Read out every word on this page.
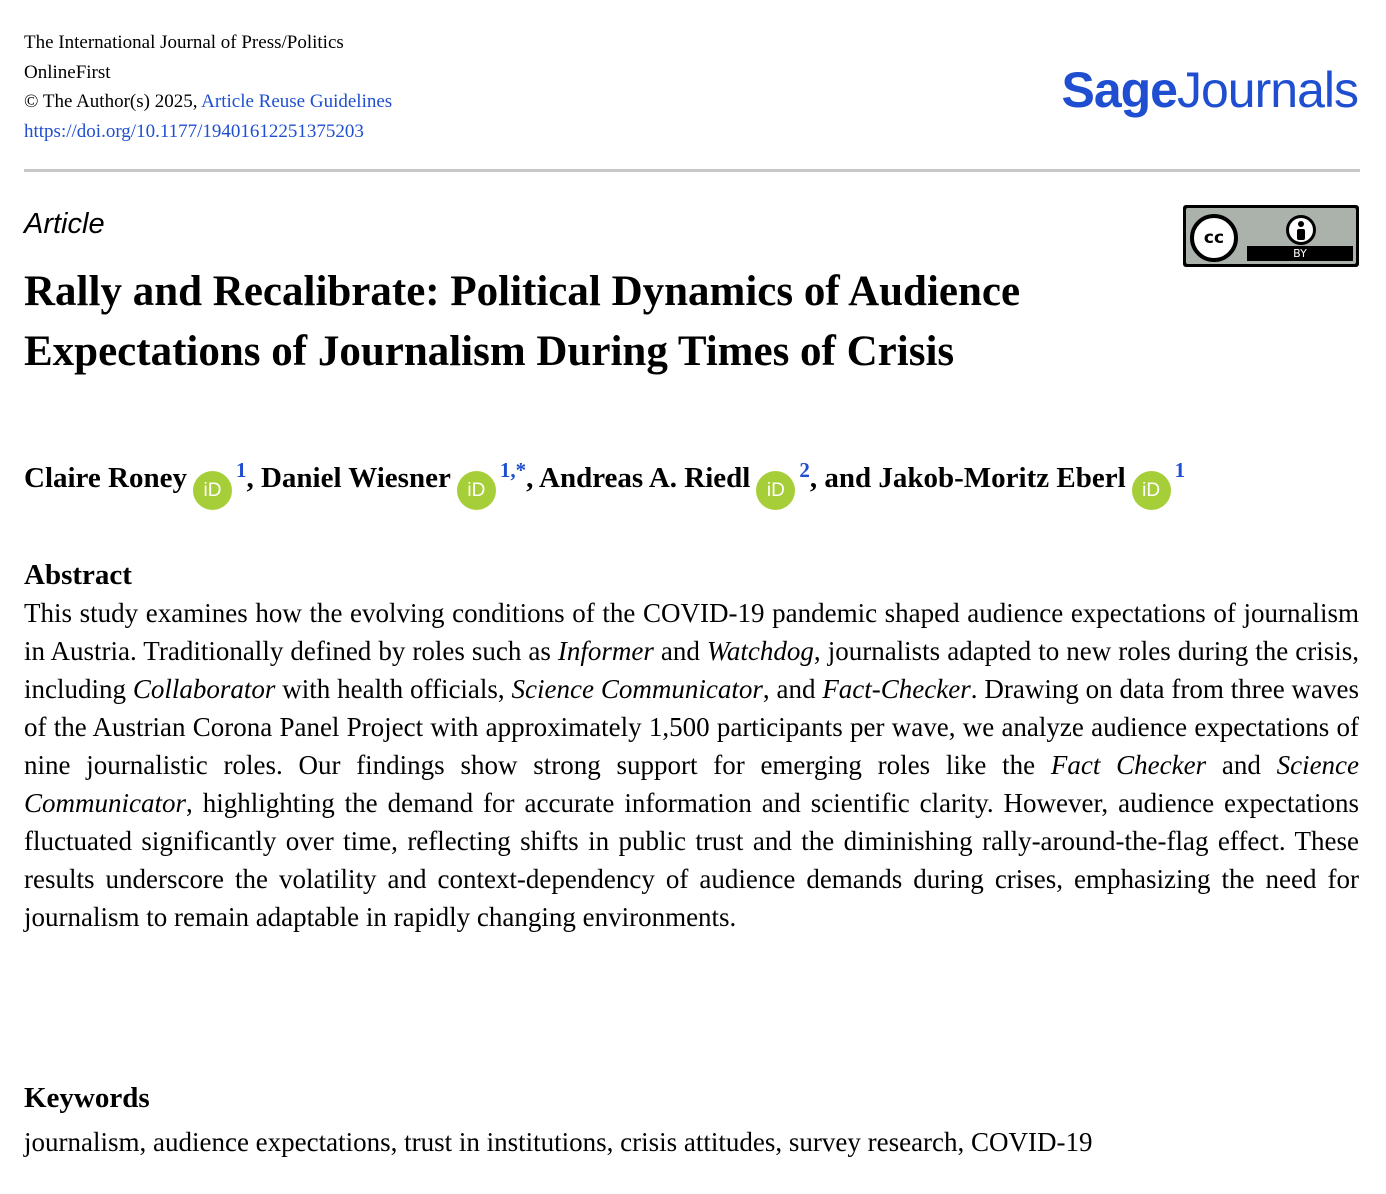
The International Journal of Press/Politics
OnlineFirst
© The Author(s) 2025, Article Reuse Guidelines
https://doi.org/10.1177/19401612251375203
SageJournals
Article	cc
BY
Rally and Recalibrate: Political Dynamics of Audience Expectations of Journalism During Times of Crisis
Claire Roney iD$^1$, Daniel Wiesner iD$^{1,*}$, Andreas A. Riedl iD$^2$, and Jakob-Moritz Eberl iD$^1$
Abstract

This study examines how the evolving conditions of the COVID-19 pandemic shaped audience expectations of journalism in Austria. Traditionally defined by roles such as Informer and Watchdog, journalists adapted to new roles during the crisis, including Collaborator with health officials, Science Communicator, and Fact-Checker. Drawing on data from three waves of the Austrian Corona Panel Project with approximately 1,500 participants per wave, we analyze audience expectations of nine journalistic roles. Our findings show strong support for emerging roles like the Fact Checker and Science Communicator, highlighting the demand for accurate information and scientific clarity. However, audience expectations fluctuated significantly over time, reflecting shifts in public trust and the diminishing rally-around-the-flag effect. These results underscore the volatility and context-dependency of audience demands during crises, emphasizing the need for journalism to remain adaptable in rapidly changing environments.

Keywords
journalism, audience expectations, trust in institutions, crisis attitudes, survey research, COVID-19
